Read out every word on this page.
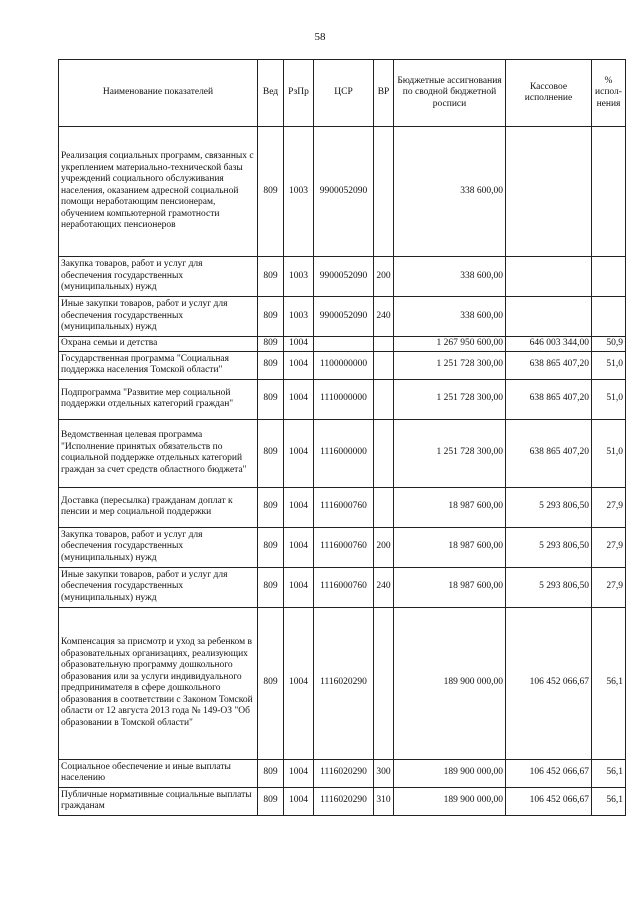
58
Наименование показателей	Вед	РзПр	ЦСР	ВР	Бюджетные ассигнования по сводной бюджетной росписи	Кассовое исполнение	% испол-нения
Реализация социальных программ, связанных с укреплением материально-технической базы учреждений социального обслуживания населения, оказанием адресной социальной помощи неработающим пенсионерам, обучением компьютерной грамотности неработающих пенсионеров	809	1003	9900052090		338 600,00		
Закупка товаров, работ и услуг для обеспечения государственных (муниципальных) нужд	809	1003	9900052090	200	338 600,00		
Иные закупки товаров, работ и услуг для обеспечения государственных (муниципальных) нужд	809	1003	9900052090	240	338 600,00		
Охрана семьи и детства	809	1004			1 267 950 600,00	646 003 344,00	50,9
Государственная программа "Социальная поддержка населения Томской области"	809	1004	1100000000		1 251 728 300,00	638 865 407,20	51,0
Подпрограмма "Развитие мер социальной поддержки отдельных категорий граждан"	809	1004	1110000000		1 251 728 300,00	638 865 407,20	51,0
Ведомственная целевая программа "Исполнение принятых обязательств по социальной поддержке отдельных категорий граждан за счет средств областного бюджета"	809	1004	1116000000		1 251 728 300,00	638 865 407,20	51,0
Доставка (пересылка) гражданам доплат к пенсии и мер социальной поддержки	809	1004	1116000760		18 987 600,00	5 293 806,50	27,9
Закупка товаров, работ и услуг для обеспечения государственных (муниципальных) нужд	809	1004	1116000760	200	18 987 600,00	5 293 806,50	27,9
Иные закупки товаров, работ и услуг для обеспечения государственных (муниципальных) нужд	809	1004	1116000760	240	18 987 600,00	5 293 806,50	27,9
Компенсация за присмотр и уход за ребенком в образовательных организациях, реализующих образовательную программу дошкольного образования или за услуги индивидуального предпринимателя в сфере дошкольного образования в соответствии с Законом Томской области от 12 августа 2013 года № 149-ОЗ "Об образовании в Томской области"	809	1004	1116020290		189 900 000,00	106 452 066,67	56,1
Социальное обеспечение и иные выплаты населению	809	1004	1116020290	300	189 900 000,00	106 452 066,67	56,1
Публичные нормативные социальные выплаты гражданам	809	1004	1116020290	310	189 900 000,00	106 452 066,67	56,1
